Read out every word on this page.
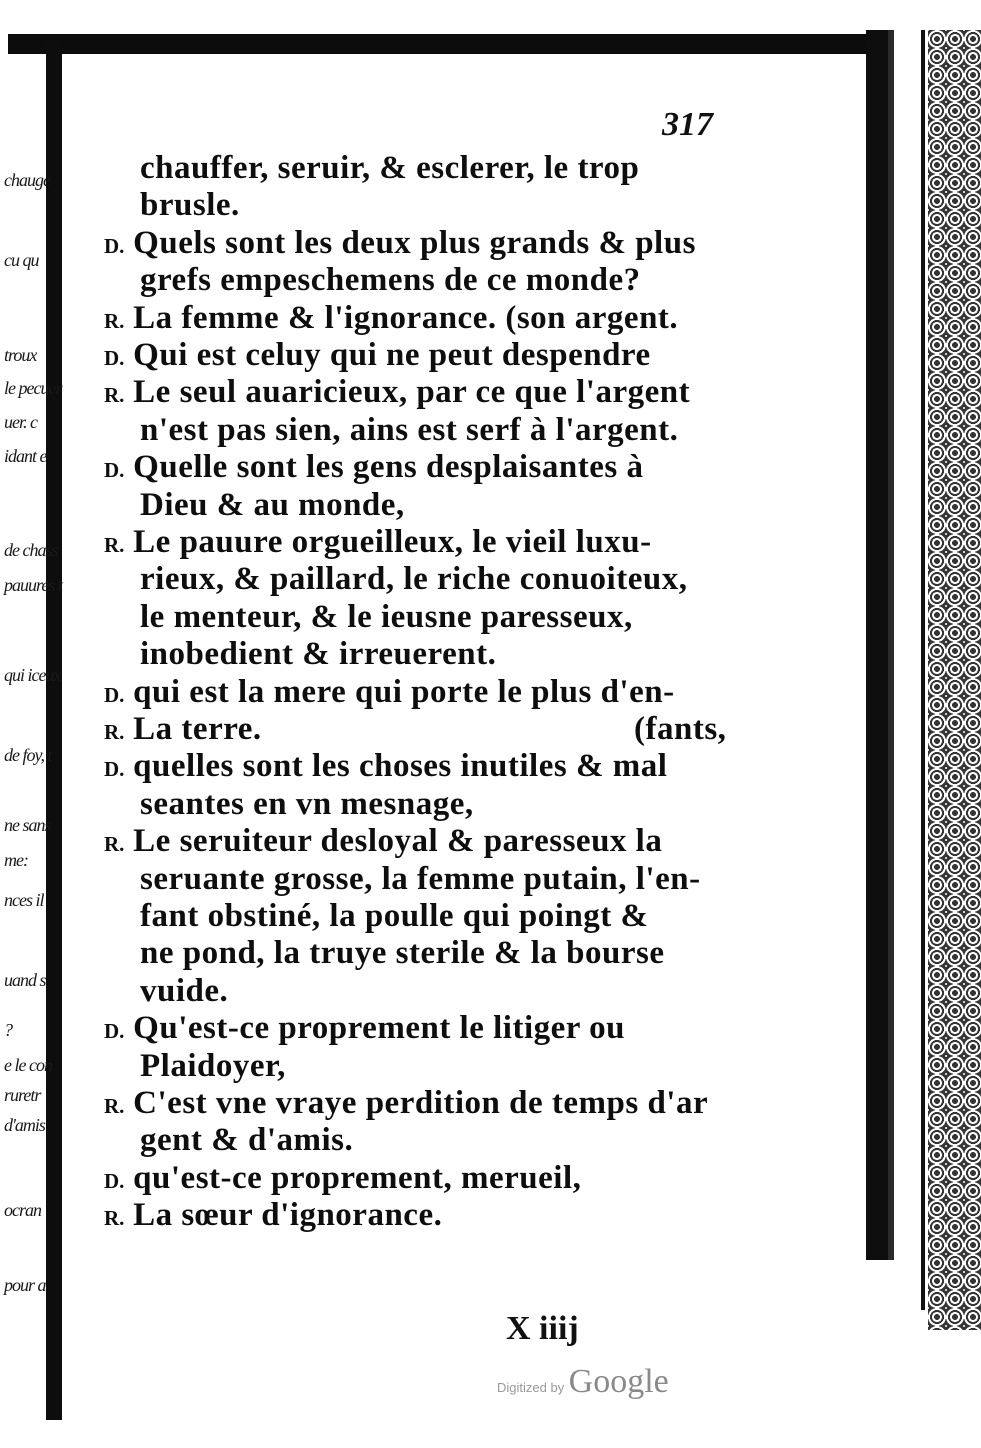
chauge
cu qu
troux
le pecuer
uer. c
idant e
de chass
pauures t
qui iceux
de foy, t
ne sans
me:
nces il
uand s
?
e le con
ruretr
d'amis
ocran
pour a
317
chauffer, seruir, & esclerer, le trop
brusle.
D. Quels sont les deux plus grands & plus
grefs empeschemens de ce monde?
R. La femme & l'ignorance. (son argent.
D. Qui est celuy qui ne peut despendre
R. Le seul auaricieux, par ce que l'argent
n'est pas sien, ains est serf à l'argent.
D. Quelle sont les gens desplaisantes à
Dieu & au monde,
R. Le pauure orgueilleux, le vieil luxu-
rieux, & paillard, le riche conuoiteux,
le menteur, & le ieusne paresseux,
inobedient & irreuerent.
D. qui est la mere qui porte le plus d'en-
R. La terre.	(fants,
D. quelles sont les choses inutiles & mal
seantes en vn mesnage,
R. Le seruiteur desloyal & paresseux la
seruante grosse, la femme putain, l'en-
fant obstiné, la poulle qui poingt &
ne pond, la truye sterile & la bourse
vuide.
D. Qu'est-ce proprement le litiger ou
Plaidoyer,
R. C'est vne vraye perdition de temps d'ar
gent & d'amis.
D. qu'est-ce proprement, merueil,
R. La sœur d'ignorance.
X iiij
Digitized by Google
